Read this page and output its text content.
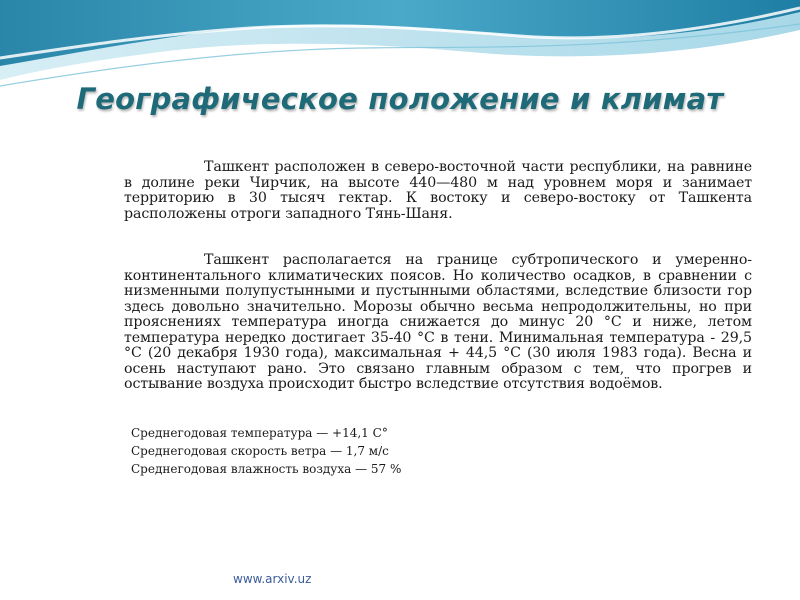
Географическое положение и климат

Ташкент расположен в северо-восточной части республики, на равнине в долине реки Чирчик, на высоте 440—480 м над уровнем моря и занимает территорию в 30 тысяч гектар. К востоку и северо-востоку от Ташкента расположены отроги западного Тянь-Шаня.

Ташкент располагается на границе субтропического и умеренно-континентального климатических поясов. Но количество осадков, в сравнении с низменными полупустынными и пустынными областями, вследствие близости гор здесь довольно значительно. Морозы обычно весьма непродолжительны, но при прояснениях температура иногда снижается до минус 20 °C и ниже, летом температура нередко достигает 35-40 °C в тени. Минимальная температура - 29,5 °C (20 декабря 1930 года), максимальная + 44,5 °C (30 июля 1983 года). Весна и осень наступают рано. Это связано главным образом с тем, что прогрев и остывание воздуха происходит быстро вследствие отсутствия водоёмов.

Среднегодовая температура — +14,1 C°
Среднегодовая скорость ветра — 1,7 м/с
Среднегодовая влажность воздуха — 57 %
www.arxiv.uz
